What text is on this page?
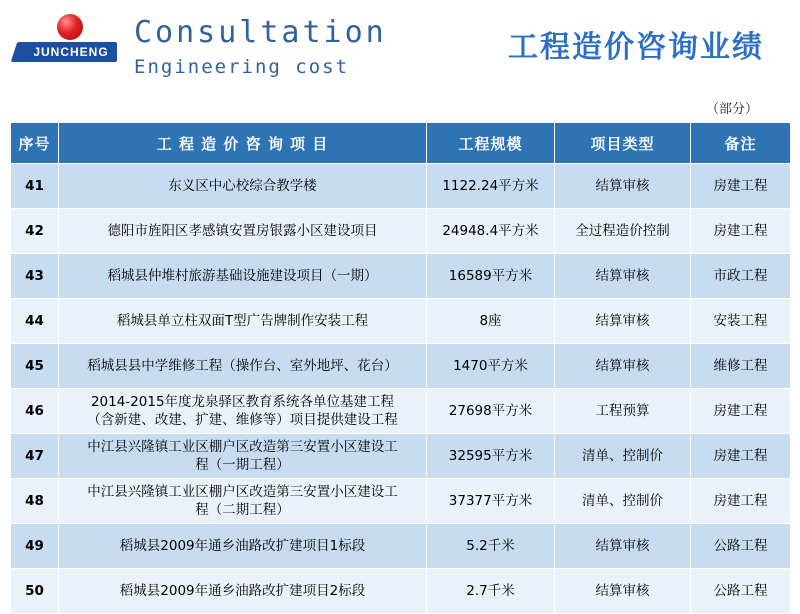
JUNCHENG
Consultation
Engineering cost
工程造价咨询业绩
（部分）
序号	工 程 造 价 咨 询 项 目	工程规模	项目类型	备注
41	东义区中心校综合教学楼	1122.24平方米	结算审核	房建工程
42	德阳市旌阳区孝感镇安置房银露小区建设项目	24948.4平方米	全过程造价控制	房建工程
43	稻城县仲堆村旅游基础设施建设项目（一期）	16589平方米	结算审核	市政工程
44	稻城县单立柱双面T型广告牌制作安装工程	8座	结算审核	安装工程
45	稻城县县中学维修工程（操作台、室外地坪、花台）	1470平方米	结算审核	维修工程
46	2014-2015年度龙泉驿区教育系统各单位基建工程
（含新建、改建、扩建、维修等）项目提供建设工程	27698平方米	工程预算	房建工程
47	中江县兴隆镇工业区棚户区改造第三安置小区建设工
程（一期工程）	32595平方米	清单、控制价	房建工程
48	中江县兴隆镇工业区棚户区改造第三安置小区建设工
程（二期工程）	37377平方米	清单、控制价	房建工程
49	稻城县2009年通乡油路改扩建项目1标段	5.2千米	结算审核	公路工程
50	稻城县2009年通乡油路改扩建项目2标段	2.7千米	结算审核	公路工程
